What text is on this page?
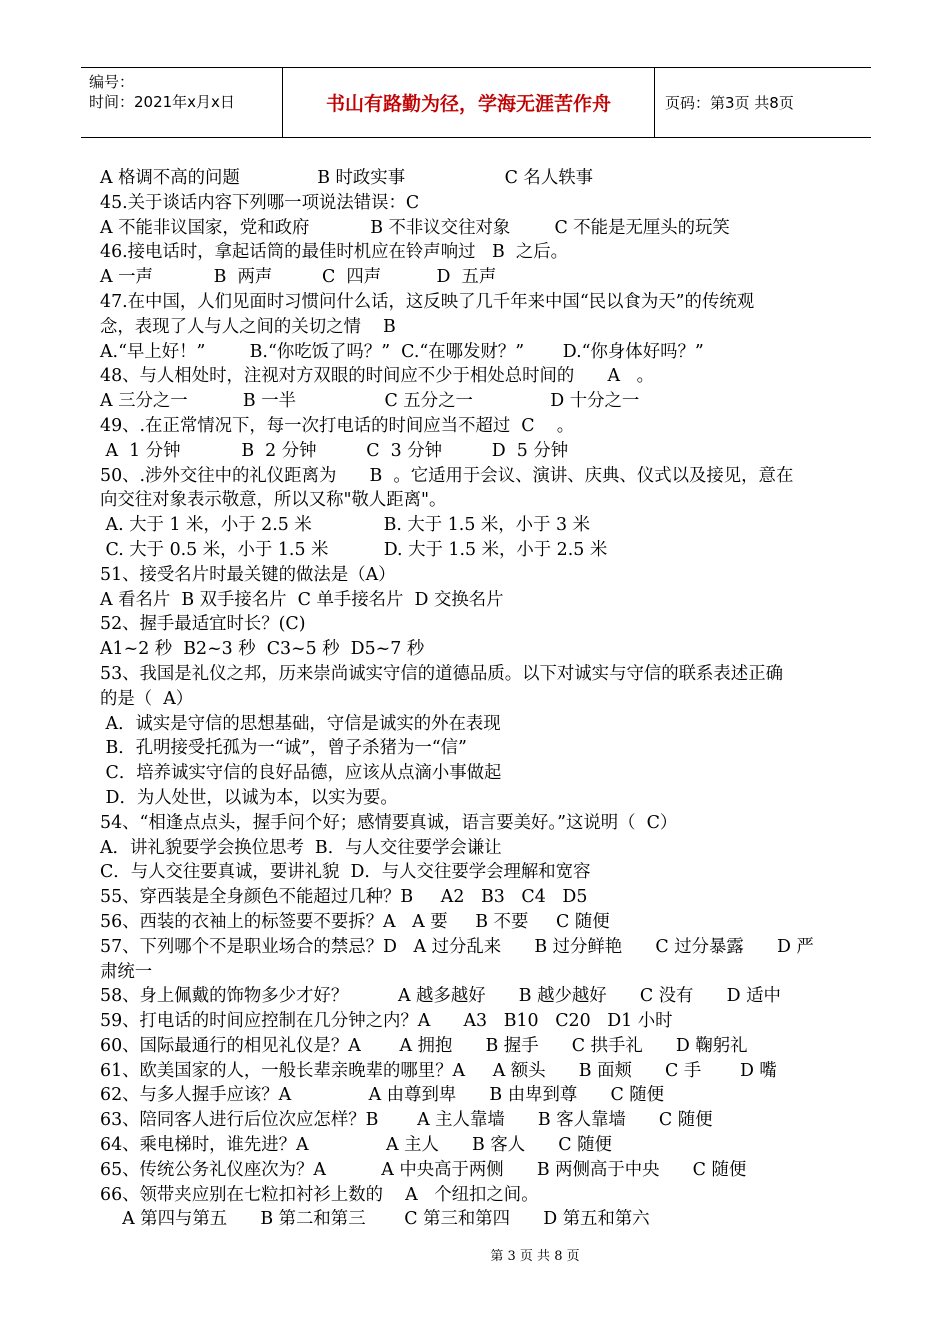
编号：
时间：2021年x月x日	书山有路勤为径，学海无涯苦作舟	页码：第3页 共8页
A 格调不高的问题              B 时政实事                  C 名人轶事
45.关于谈话内容下列哪一项说法错误：C
A 不能非议国家，党和政府           B 不非议交往对象        C 不能是无厘头的玩笑
46.接电话时，拿起话筒的最佳时机应在铃声响过   B  之后。
A 一声           B  两声         C  四声          D  五声
47.在中国，人们见面时习惯问什么话，这反映了几千年来中国“民以食为天”的传统观
念，表现了人与人之间的关切之情    B
A.“早上好！”        B.“你吃饭了吗？”  C.“在哪发财？”       D.“你身体好吗？”
48、与人相处时，注视对方双眼的时间应不少于相处总时间的      A   。
A 三分之一          B 一半                C 五分之一              D 十分之一
49、.在正常情况下，每一次打电话的时间应当不超过  C    。
A  1 分钟           B  2 分钟         C  3 分钟         D  5 分钟
50、.涉外交往中的礼仪距离为      B  。它适用于会议、演讲、庆典、仪式以及接见，意在
向交往对象表示敬意，所以又称"敬人距离"。
A. 大于 1 米，小于 2.5 米             B. 大于 1.5 米，小于 3 米
C. 大于 0.5 米，小于 1.5 米          D. 大于 1.5 米，小于 2.5 米
51、接受名片时最关键的做法是（A）
A 看名片  B 双手接名片  C 单手接名片  D 交换名片
52、握手最适宜时长？(C)
A1~2 秒  B2~3 秒  C3~5 秒  D5~7 秒
53、我国是礼仪之邦，历来崇尚诚实守信的道德品质。以下对诚实与守信的联系表述正确
的是（  A）
A．诚实是守信的思想基础，守信是诚实的外在表现
B．孔明接受托孤为一“诚”，曾子杀猪为一“信”
C．培养诚实守信的良好品德，应该从点滴小事做起
D．为人处世，以诚为本，以实为要。
54、“相逢点点头，握手问个好；感情要真诚，语言要美好。”这说明（  C）
A．讲礼貌要学会换位思考  B．与人交往要学会谦让
C．与人交往要真诚，要讲礼貌  D．与人交往要学会理解和宽容
55、穿西装是全身颜色不能超过几种？B     A2   B3   C4   D5
56、西装的衣袖上的标签要不要拆？A   A 要     B 不要     C 随便
57、下列哪个不是职业场合的禁忌？D   A 过分乱来      B 过分鲜艳      C 过分暴露      D 严
肃统一
58、身上佩戴的饰物多少才好？         A 越多越好      B 越少越好      C 没有      D 适中
59、打电话的时间应控制在几分钟之内？A      A3   B10   C20   D1 小时
60、国际最通行的相见礼仪是？A       A 拥抱      B 握手      C 拱手礼      D 鞠躬礼
61、欧美国家的人，一般长辈亲晚辈的哪里？A     A 额头      B 面颊      C 手       D 嘴
62、与多人握手应该？A              A 由尊到卑      B 由卑到尊      C 随便
63、陪同客人进行后位次应怎样？B       A 主人靠墙      B 客人靠墙      C 随便
64、乘电梯时，谁先进？A              A 主人      B 客人      C 随便
65、传统公务礼仪座次为？A          A 中央高于两侧      B 两侧高于中央      C 随便
66、领带夹应别在七粒扣衬衫上数的    A   个纽扣之间。
A 第四与第五      B 第二和第三       C 第三和第四      D 第五和第六
第 3 页 共 8 页
